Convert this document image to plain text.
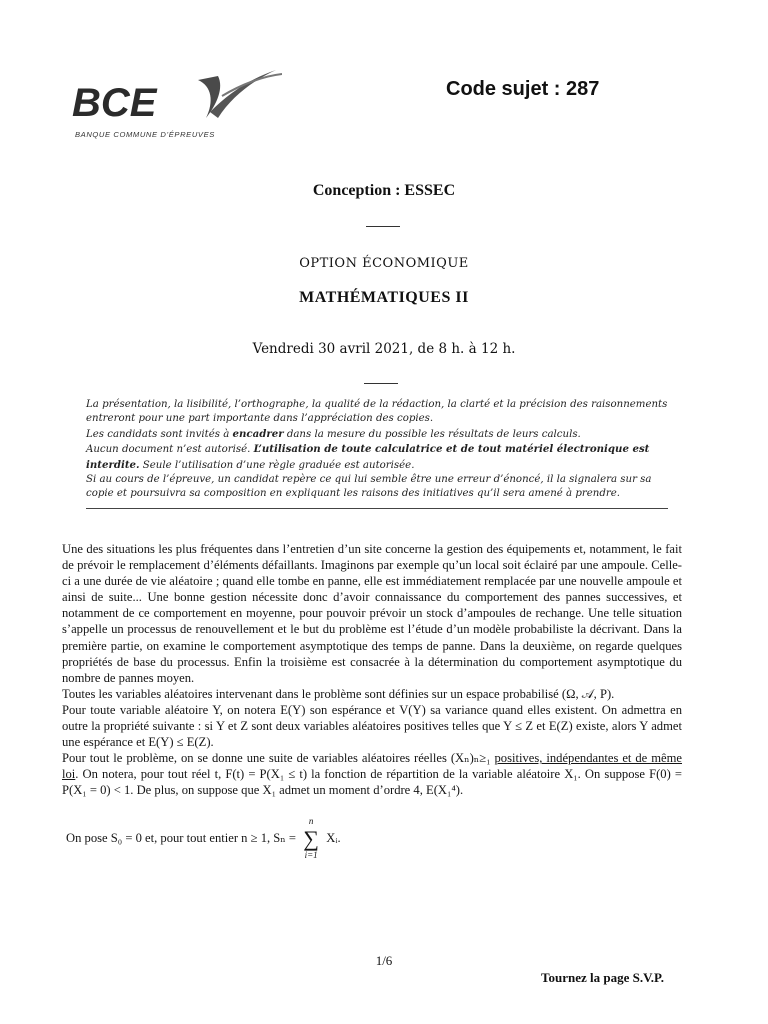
BCE
BANQUE COMMUNE D’ÉPREUVES
Code sujet : 287
Conception : ESSEC
OPTION ÉCONOMIQUE
MATHÉMATIQUES II
Vendredi 30 avril 2021, de 8 h. à 12 h.

La présentation, la lisibilité, l’orthographe, la qualité de la rédaction, la clarté et la précision des raisonnements entreront pour une part importante dans l’appréciation des copies.

Les candidats sont invités à encadrer dans la mesure du possible les résultats de leurs calculs.

Aucun document n’est autorisé. L’utilisation de toute calculatrice et de tout matériel électronique est interdite. Seule l’utilisation d’une règle graduée est autorisée.

Si au cours de l’épreuve, un candidat repère ce qui lui semble être une erreur d’énoncé, il la signalera sur sa copie et poursuivra sa composition en expliquant les raisons des initiatives qu’il sera amené à prendre.

Une des situations les plus fréquentes dans l’entretien d’un site concerne la gestion des équipements et, notamment, le fait de prévoir le remplacement d’éléments défaillants. Imaginons par exemple qu’un local soit éclairé par une ampoule. Celle-ci a une durée de vie aléatoire ; quand elle tombe en panne, elle est immédiatement remplacée par une nouvelle ampoule et ainsi de suite... Une bonne gestion nécessite donc d’avoir connaissance du comportement des pannes successives, et notamment de ce comportement en moyenne, pour pouvoir prévoir un stock d’ampoules de rechange. Une telle situation s’appelle un processus de renouvellement et le but du problème est l’étude d’un modèle probabiliste la décrivant. Dans la première partie, on examine le comportement asymptotique des temps de panne. Dans la deuxième, on regarde quelques propriétés de base du processus. Enfin la troisième est consacrée à la détermination du comportement asymptotique du nombre de pannes moyen.

Toutes les variables aléatoires intervenant dans le problème sont définies sur un espace probabilisé (Ω, 𝒜, P).

Pour toute variable aléatoire Y, on notera E(Y) son espérance et V(Y) sa variance quand elles existent. On admettra en outre la propriété suivante : si Y et Z sont deux variables aléatoires positives telles que Y ≤ Z et E(Z) existe, alors Y admet une espérance et E(Y) ≤ E(Z).

Pour tout le problème, on se donne une suite de variables aléatoires réelles (Xₙ)ₙ≥₁ positives, indépendantes et de même loi. On notera, pour tout réel t, F(t) = P(X₁ ≤ t) la fonction de répartition de la variable aléatoire X₁. On suppose F(0) = P(X₁ = 0) < 1. De plus, on suppose que X₁ admet un moment d’ordre 4, E(X₁⁴).

On pose S₀ = 0 et, pour tout entier n ≥ 1, Sₙ =
n
∑
i=1
Xᵢ.
1/6
Tournez la page S.V.P.
